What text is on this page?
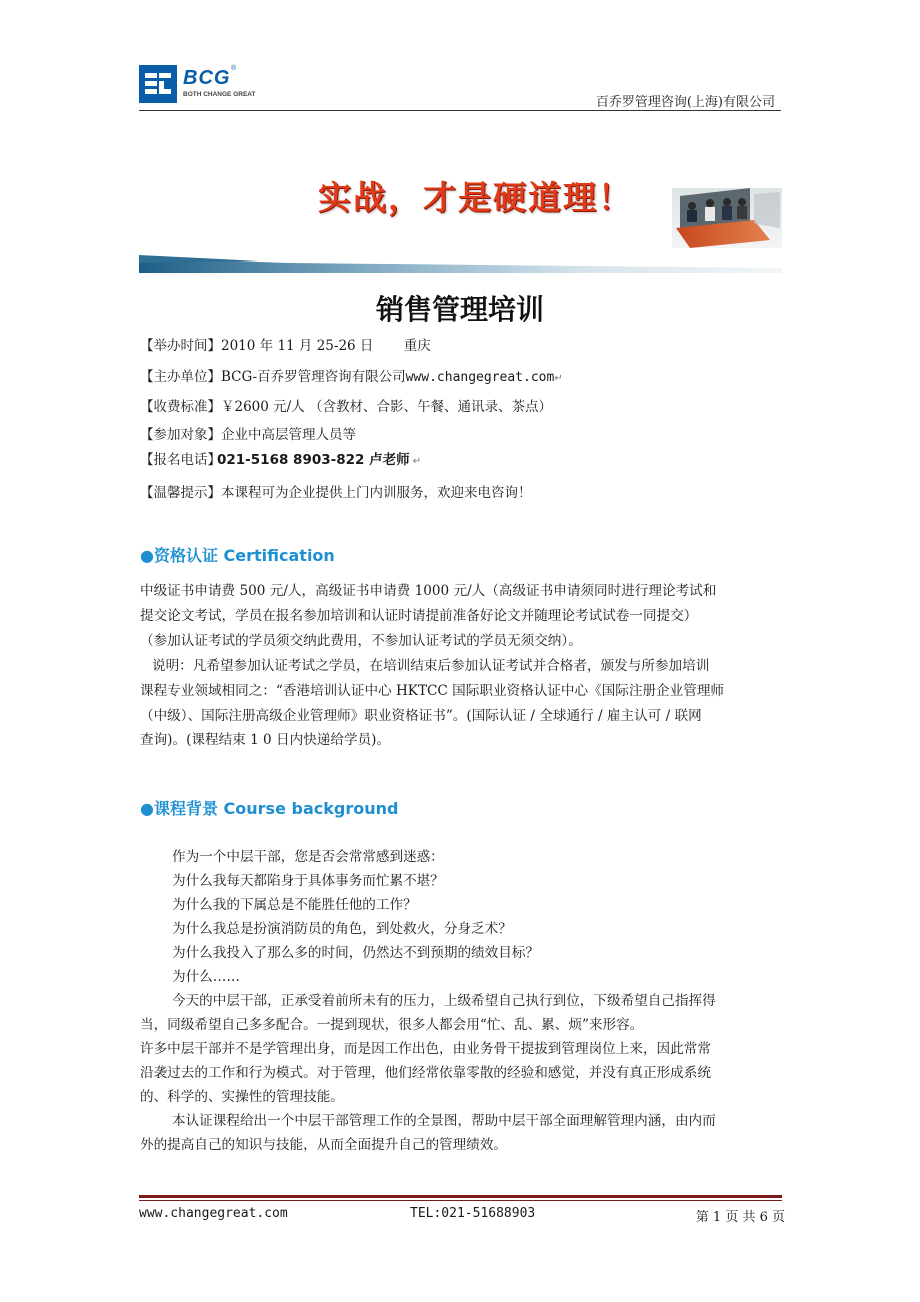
BCG ®
BOTH CHANGE GREAT
百乔罗管理咨询(上海)有限公司
实战，才是硬道理！
销售管理培训
【举办时间】2010 年 11 月 25-26 日 重庆
【主办单位】BCG-百乔罗管理咨询有限公司www.changegreat.com↵
【收费标准】￥2600 元/人 （含教材、合影、午餐、通讯录、茶点）
【参加对象】企业中高层管理人员等
【报名电话】021-5168 8903-822 卢老师 ↵
【温馨提示】本课程可为企业提供上门内训服务，欢迎来电咨询！
●资格认证 Certification
中级证书申请费 500 元/人，高级证书申请费 1000 元/人（高级证书申请须同时进行理论考试和
提交论文考试，学员在报名参加培训和认证时请提前准备好论文并随理论考试试卷一同提交）
（参加认证考试的学员须交纳此费用，不参加认证考试的学员无须交纳）。
说明：凡希望参加认证考试之学员，在培训结束后参加认证考试并合格者，颁发与所参加培训
课程专业领域相同之：“香港培训认证中心 HKTCC 国际职业资格认证中心《国际注册企业管理师
（中级）、国际注册高级企业管理师》职业资格证书”。(国际认证 / 全球通行 / 雇主认可 / 联网
查询)。(课程结束 1 0 日内快递给学员)。
●课程背景 Course background
作为一个中层干部，您是否会常常感到迷惑：
为什么我每天都陷身于具体事务而忙累不堪？
为什么我的下属总是不能胜任他的工作？
为什么我总是扮演消防员的角色，到处救火，分身乏术？
为什么我投入了那么多的时间，仍然达不到预期的绩效目标？
为什么……
今天的中层干部，正承受着前所未有的压力，上级希望自己执行到位，下级希望自己指挥得
当，同级希望自己多多配合。一提到现状，很多人都会用“忙、乱、累、烦”来形容。
许多中层干部并不是学管理出身，而是因工作出色，由业务骨干提拔到管理岗位上来，因此常常
沿袭过去的工作和行为模式。对于管理，他们经常依靠零散的经验和感觉，并没有真正形成系统
的、科学的、实操性的管理技能。
本认证课程给出一个中层干部管理工作的全景图，帮助中层干部全面理解管理内涵，由内而
外的提高自己的知识与技能，从而全面提升自己的管理绩效。
www.changegreat.com	TEL:021-51688903	第 1 页 共 6 页
